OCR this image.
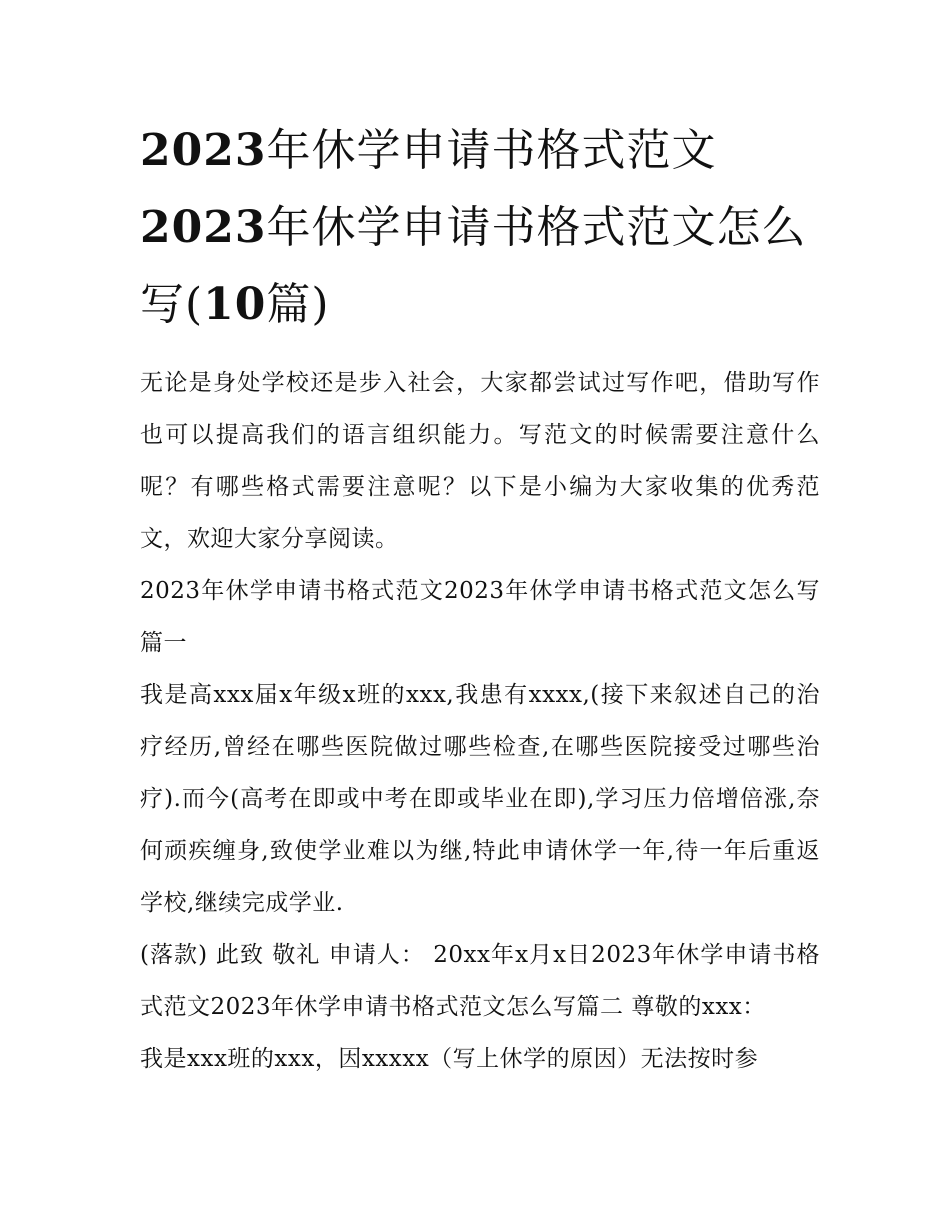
2023年休学申请书格式范文2023年休学申请书格式范文怎么写(10篇)

无论是身处学校还是步入社会，大家都尝试过写作吧，借助写作也可以提高我们的语言组织能力。写范文的时候需要注意什么呢？有哪些格式需要注意呢？以下是小编为大家收集的优秀范文，欢迎大家分享阅读。

2023年休学申请书格式范文2023年休学申请书格式范文怎么写篇一

我是高xxx届x年级x班的xxx,我患有xxxx,(接下来叙述自己的治疗经历,曾经在哪些医院做过哪些检查,在哪些医院接受过哪些治疗).而今(高考在即或中考在即或毕业在即),学习压力倍增倍涨,奈何顽疾缠身,致使学业难以为继,特此申请休学一年,待一年后重返学校,继续完成学业.

(落款) 此致 敬礼 申请人： 20xx年x月x日2023年休学申请书格式范文2023年休学申请书格式范文怎么写篇二 尊敬的xxx：

我是xxx班的xxx，因xxxxx（写上休学的原因）无法按时参
